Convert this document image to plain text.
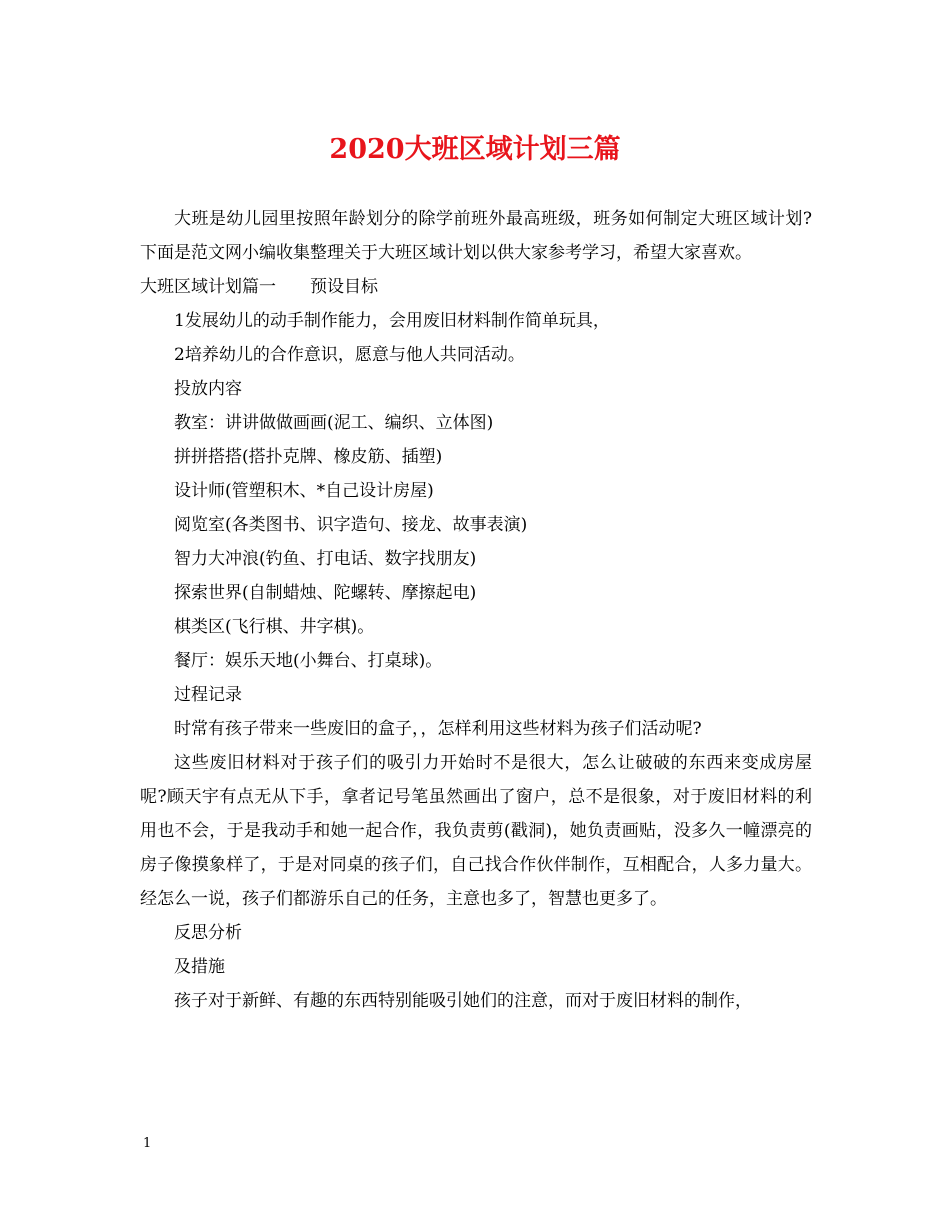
2020大班区域计划三篇

大班是幼儿园里按照年龄划分的除学前班外最高班级，班务如何制定大班区域计划?下面是范文网小编收集整理关于大班区域计划以供大家参考学习，希望大家喜欢。

大班区域计划篇一　　预设目标

1发展幼儿的动手制作能力，会用废旧材料制作简单玩具，

2培养幼儿的合作意识，愿意与他人共同活动。

投放内容

教室：讲讲做做画画(泥工、编织、立体图)

拼拼搭搭(搭扑克牌、橡皮筋、插塑)

设计师(管塑积木、*自己设计房屋)

阅览室(各类图书、识字造句、接龙、故事表演)

智力大冲浪(钓鱼、打电话、数字找朋友)

探索世界(自制蜡烛、陀螺转、摩擦起电)

棋类区(飞行棋、井字棋)。

餐厅：娱乐天地(小舞台、打桌球)。

过程记录

时常有孩子带来一些废旧的盒子，，怎样利用这些材料为孩子们活动呢?

这些废旧材料对于孩子们的吸引力开始时不是很大，怎么让破破的东西来变成房屋呢?顾天宇有点无从下手，拿者记号笔虽然画出了窗户，总不是很象，对于废旧材料的利用也不会，于是我动手和她一起合作，我负责剪(戳洞)，她负责画贴，没多久一幢漂亮的房子像摸象样了，于是对同桌的孩子们，自己找合作伙伴制作，互相配合，人多力量大。经怎么一说，孩子们都游乐自己的任务，主意也多了，智慧也更多了。

反思分析

及措施

孩子对于新鲜、有趣的东西特别能吸引她们的注意，而对于废旧材料的制作，

1
